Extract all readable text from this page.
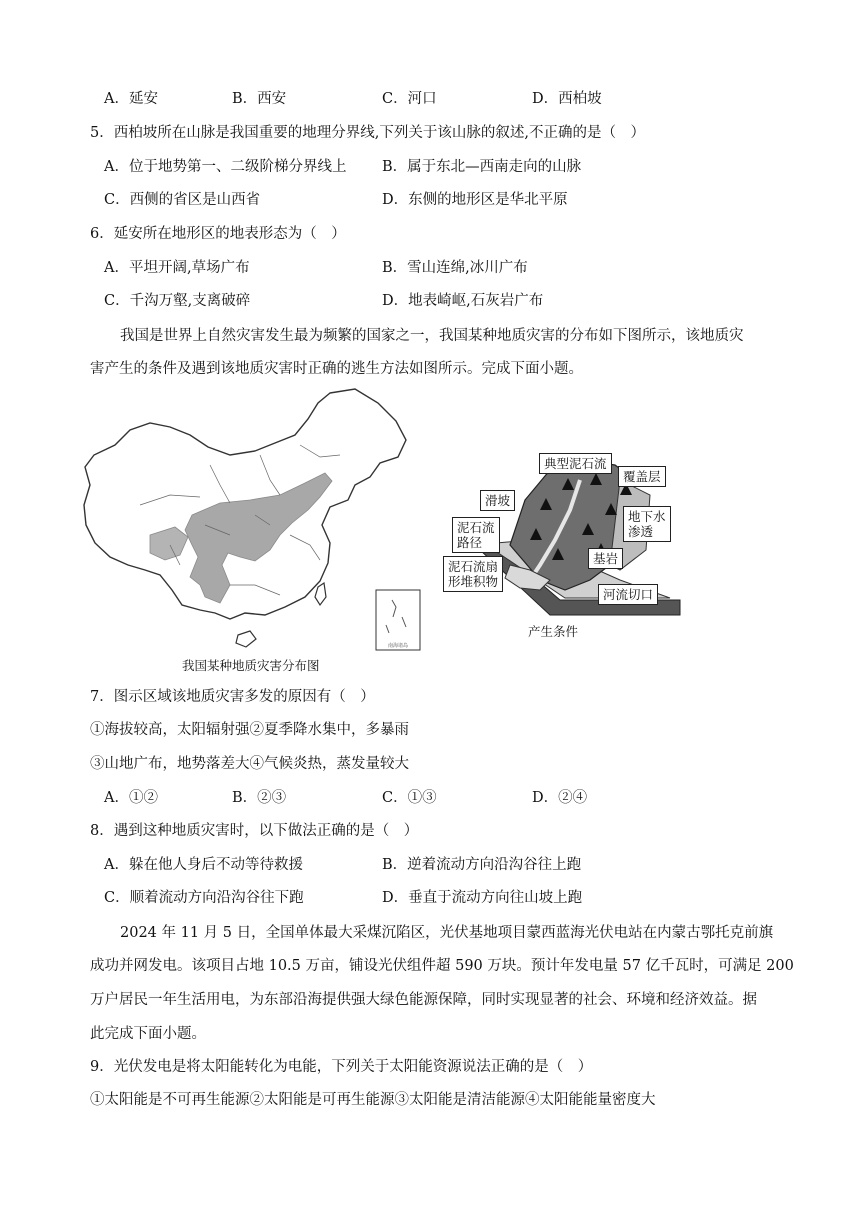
A．延安	B．西安	C．河口	D．西柏坡
5．西柏坡所在山脉是我国重要的地理分界线,下列关于该山脉的叙述,不正确的是（　）
A．位于地势第一、二级阶梯分界线上 B．属于东北—西南走向的山脉
C．西侧的省区是山西省	D．东侧的地形区是华北平原
6．延安所在地形区的地表形态为（　）
A．平坦开阔,草场广布	B．雪山连绵,冰川广布
C．千沟万壑,支离破碎	D．地表崎岖,石灰岩广布
我国是世界上自然灾害发生最为频繁的国家之一，我国某种地质灾害的分布如下图所示，该地质灾
害产生的条件及遇到该地质灾害时正确的逃生方法如图所示。完成下面小题。
南海诸岛
我国某种地质灾害分布图
典型泥石流
覆盖层
滑坡
泥石流
路径
地下水
渗透
基岩
泥石流扇
形堆积物
河流切口
产生条件
7．图示区域该地质灾害多发的原因有（　）
①海拔较高，太阳辐射强②夏季降水集中，多暴雨
③山地广布，地势落差大④气候炎热，蒸发量较大
A．①②	B．②③	C．①③	D．②④
8．遇到这种地质灾害时，以下做法正确的是（　）
A．躲在他人身后不动等待救援	B．逆着流动方向沿沟谷往上跑
C．顺着流动方向沿沟谷往下跑	D．垂直于流动方向往山坡上跑
2024 年 11 月 5 日，全国单体最大采煤沉陷区，光伏基地项目蒙西蓝海光伏电站在内蒙古鄂托克前旗
成功并网发电。该项目占地 10.5 万亩，铺设光伏组件超 590 万块。预计年发电量 57 亿千瓦时，可满足 200
万户居民一年生活用电，为东部沿海提供强大绿色能源保障，同时实现显著的社会、环境和经济效益。据
此完成下面小题。
9．光伏发电是将太阳能转化为电能，下列关于太阳能资源说法正确的是（　）
①太阳能是不可再生能源②太阳能是可再生能源③太阳能是清洁能源④太阳能能量密度大
